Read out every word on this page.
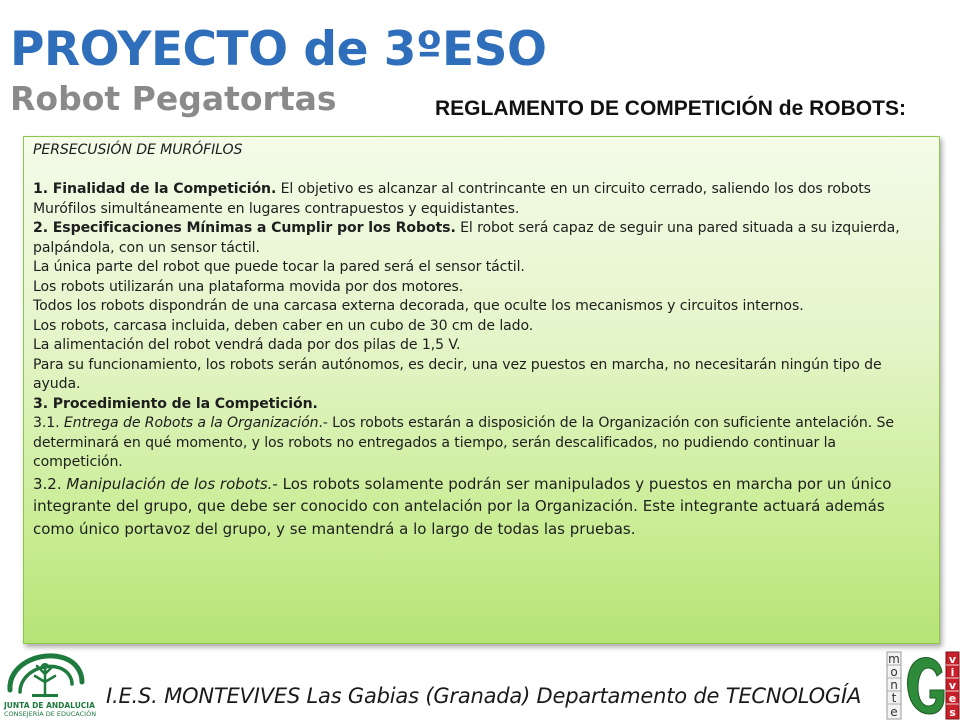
PROYECTO de 3ºESO
Robot Pegatortas	REGLAMENTO DE COMPETICIÓN de ROBOTS:

PERSECUSIÓN DE MURÓFILOS

1. Finalidad de la Competición. El objetivo es alcanzar al contrincante en un circuito cerrado, saliendo los dos robots Murófilos simultáneamente en lugares contrapuestos y equidistantes.

2. Especificaciones Mínimas a Cumplir por los Robots. El robot será capaz de seguir una pared situada a su izquierda, palpándola, con un sensor táctil.

La única parte del robot que puede tocar la pared será el sensor táctil.

Los robots utilizarán una plataforma movida por dos motores.

Todos los robots dispondrán de una carcasa externa decorada, que oculte los mecanismos y circuitos internos.

Los robots, carcasa incluida, deben caber en un cubo de 30 cm de lado.

La alimentación del robot vendrá dada por dos pilas de 1,5 V.

Para su funcionamiento, los robots serán autónomos, es decir, una vez puestos en marcha, no necesitarán ningún tipo de ayuda.

3. Procedimiento de la Competición.

3.1. Entrega de Robots a la Organización.- Los robots estarán a disposición de la Organización con suficiente antelación. Se determinará en qué momento, y los robots no entregados a tiempo, serán descalificados, no pudiendo continuar la competición.

3.2. Manipulación de los robots.- Los robots solamente podrán ser manipulados y puestos en marcha por un único integrante del grupo, que debe ser conocido con antelación por la Organización. Este integrante actuará además como único portavoz del grupo, y se mantendrá a lo largo de todas las pruebas.

JUNTA DE ANDALUCIA

CONSEJERÍA DE EDUCACIÓN

I.E.S. MONTEVIVES Las Gabias (Granada) Departamento de TECNOLOGÍA

m
o
n
t
e
G
v
i
v
e
s
